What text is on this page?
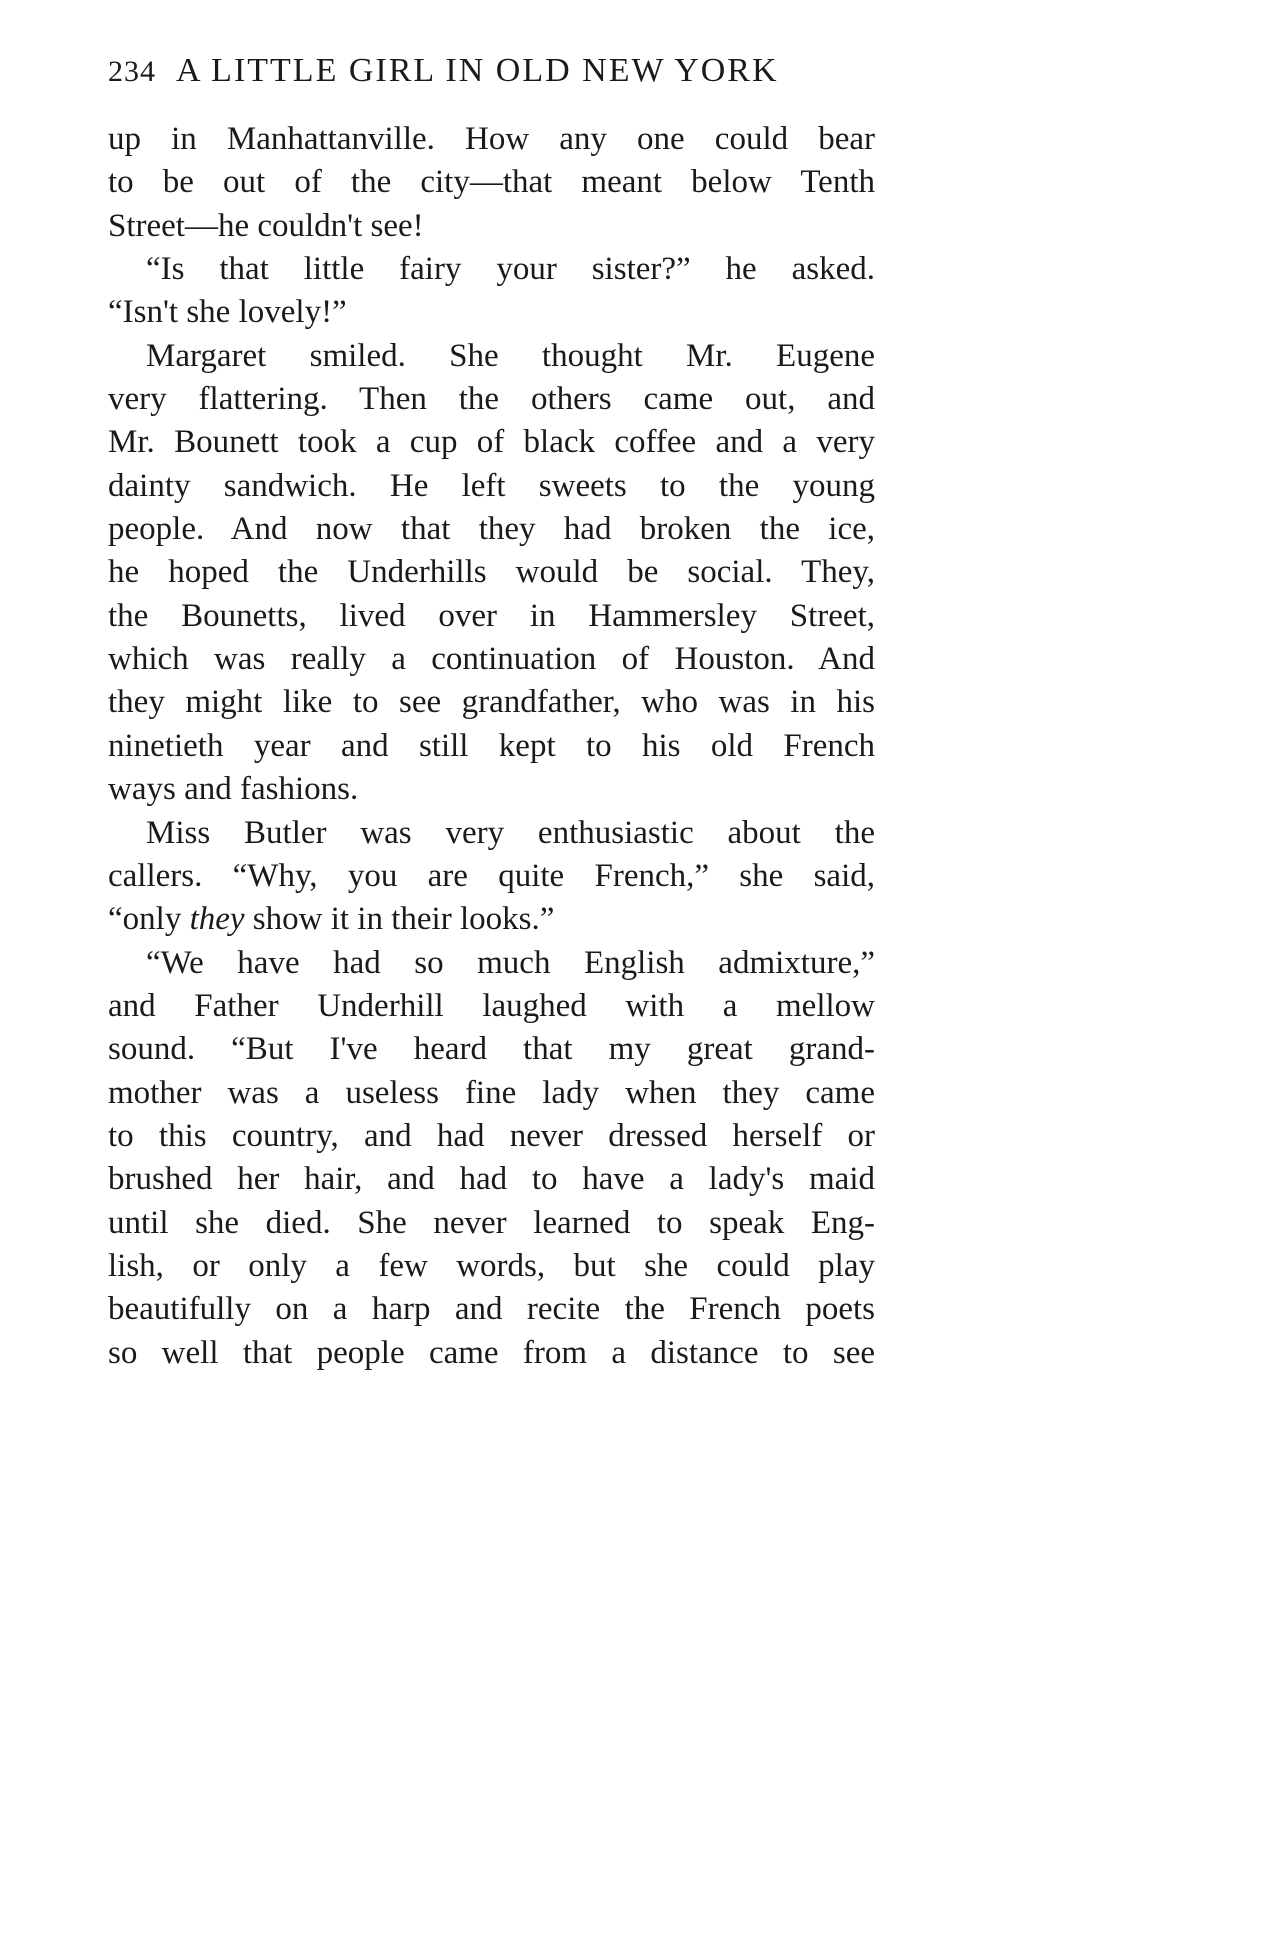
234 A LITTLE GIRL IN OLD NEW YORK
up in Manhattanville. How any one could bear
to be out of the city—that meant below Tenth
Street—he couldn't see!
“Is that little fairy your sister?” he asked.
“Isn't she lovely!”
Margaret smiled. She thought Mr. Eugene
very flattering. Then the others came out, and
Mr. Bounett took a cup of black coffee and a very
dainty sandwich. He left sweets to the young
people. And now that they had broken the ice,
he hoped the Underhills would be social. They,
the Bounetts, lived over in Hammersley Street,
which was really a continuation of Houston. And
they might like to see grandfather, who was in his
ninetieth year and still kept to his old French
ways and fashions.
Miss Butler was very enthusiastic about the
callers. “Why, you are quite French,” she said,
“only they show it in their looks.”
“We have had so much English admixture,”
and Father Underhill laughed with a mellow
sound. “But I've heard that my great grand-
mother was a useless fine lady when they came
to this country, and had never dressed herself or
brushed her hair, and had to have a lady's maid
until she died. She never learned to speak Eng-
lish, or only a few words, but she could play
beautifully on a harp and recite the French poets
so well that people came from a distance to see
